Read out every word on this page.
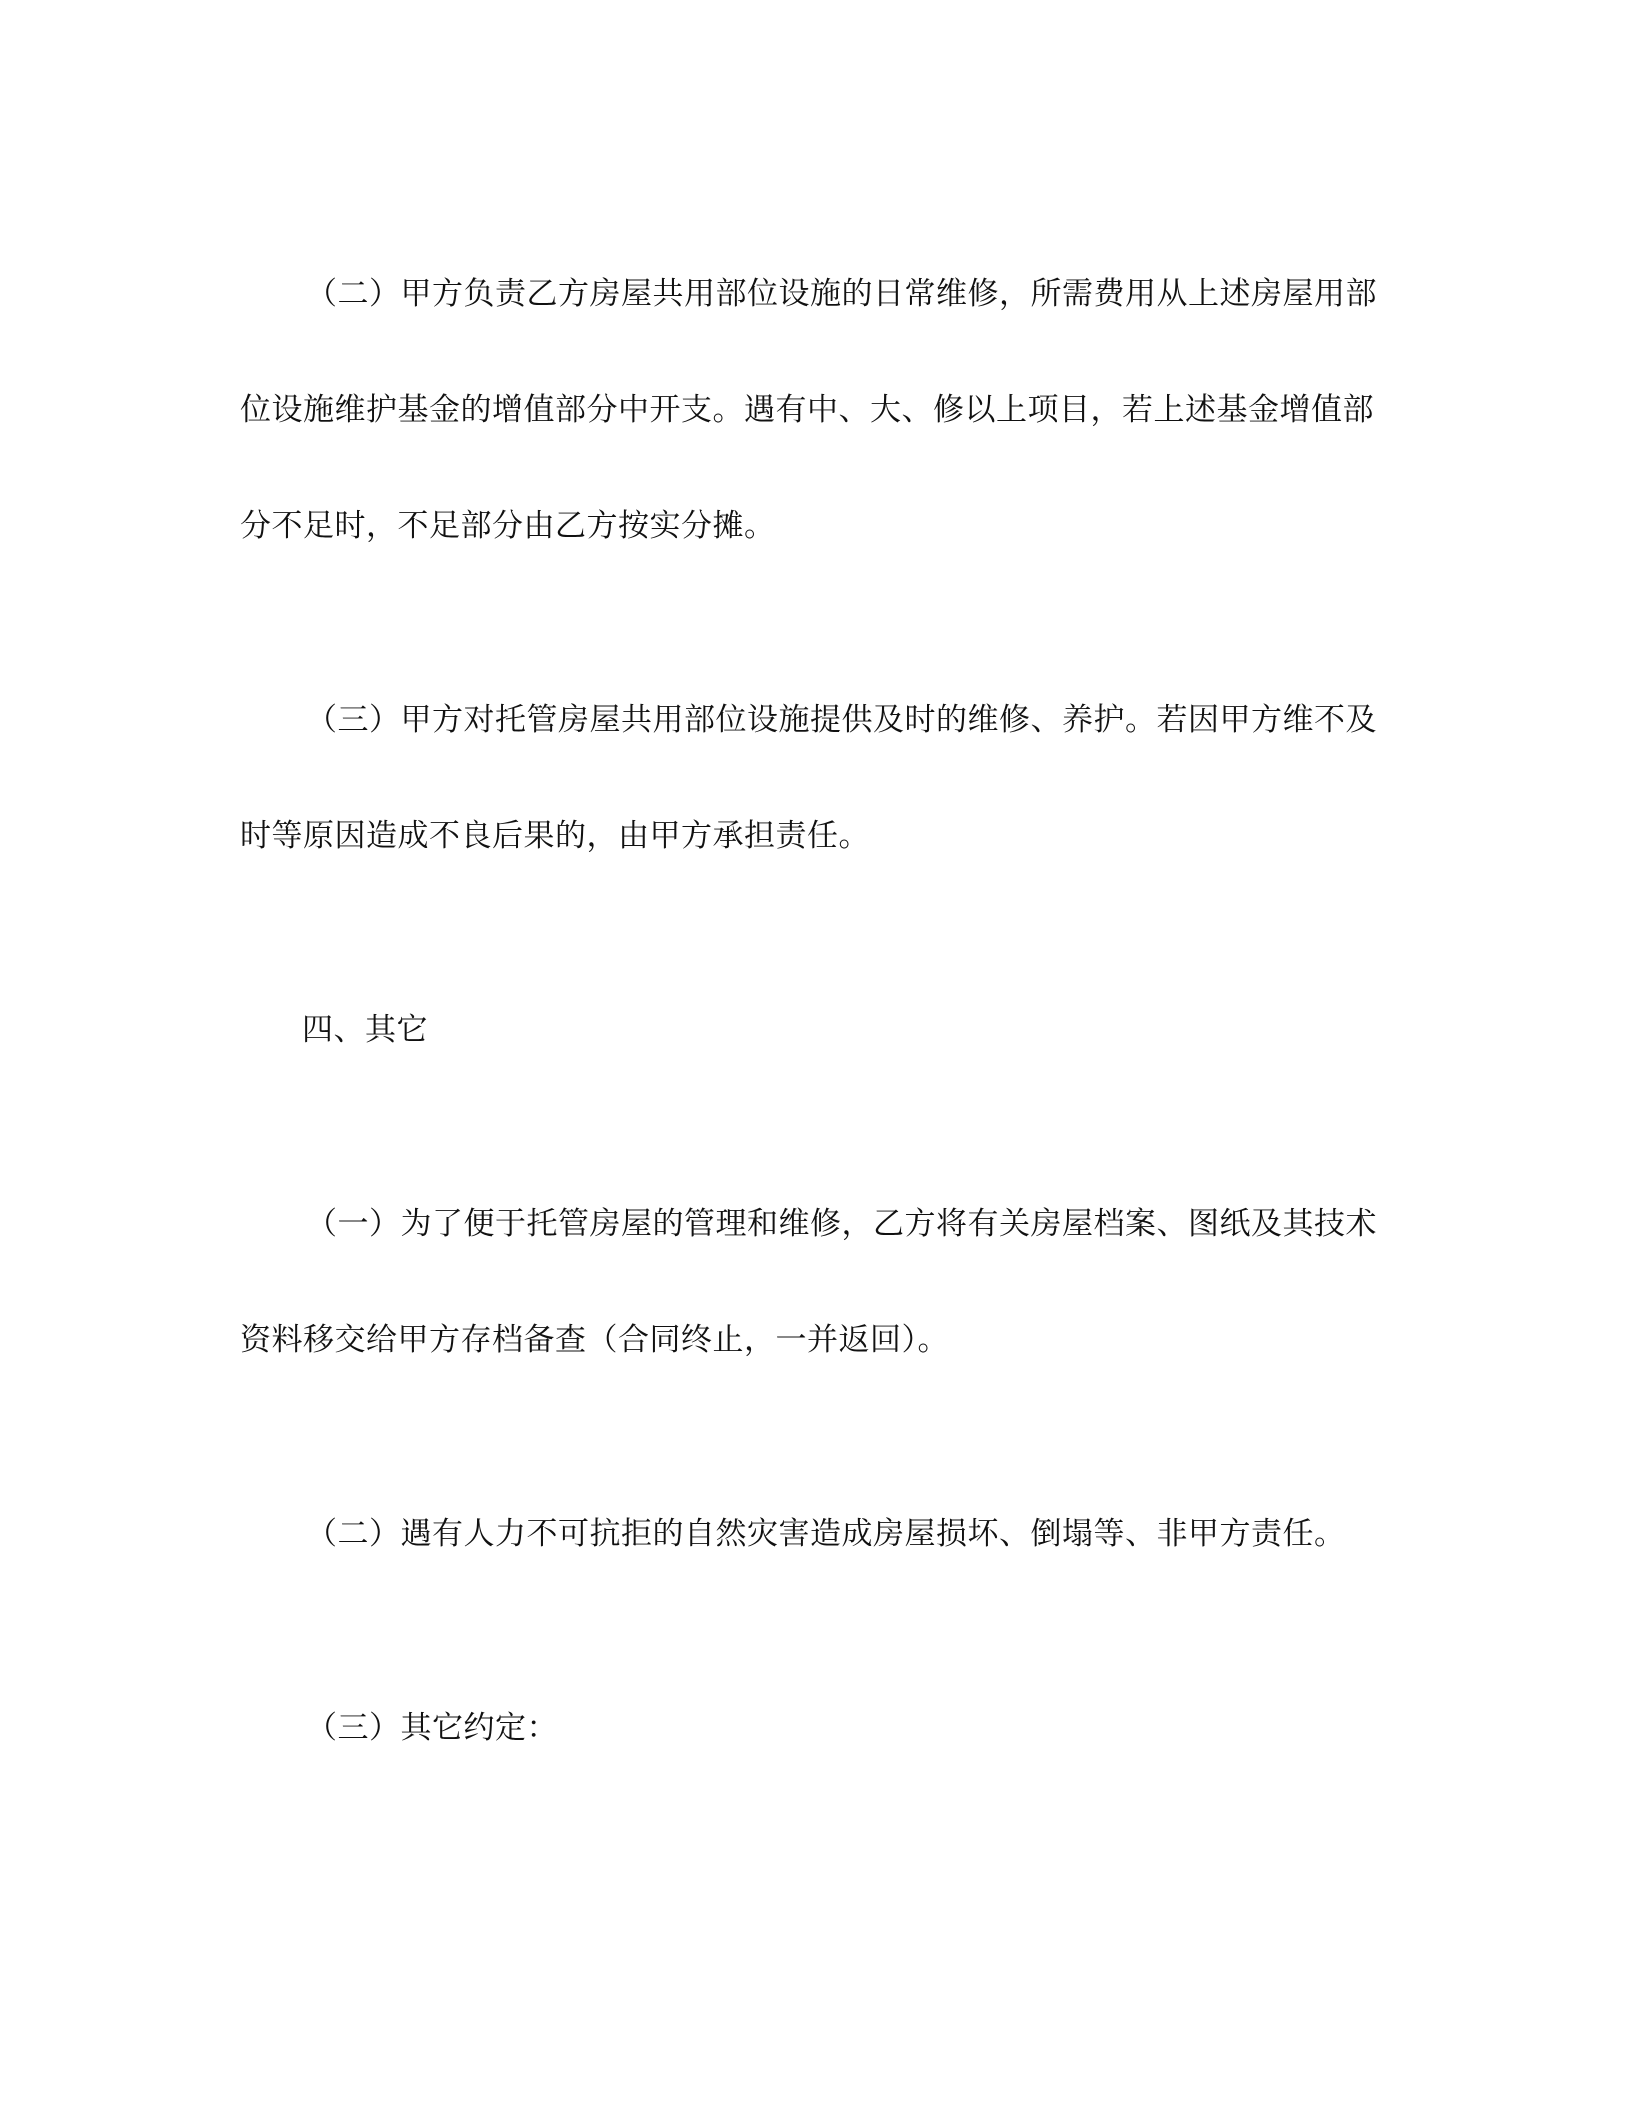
（二）甲方负责乙方房屋共用部位设施的日常维修，所需费用从上述房屋用部
位设施维护基金的增值部分中开支。遇有中、大、修以上项目，若上述基金增值部
分不足时，不足部分由乙方按实分摊。
（三）甲方对托管房屋共用部位设施提供及时的维修、养护。若因甲方维不及
时等原因造成不良后果的，由甲方承担责任。
四、其它
（一）为了便于托管房屋的管理和维修，乙方将有关房屋档案、图纸及其技术
资料移交给甲方存档备查（合同终止，一并返回）。
（二）遇有人力不可抗拒的自然灾害造成房屋损坏、倒塌等、非甲方责任。
（三）其它约定：
